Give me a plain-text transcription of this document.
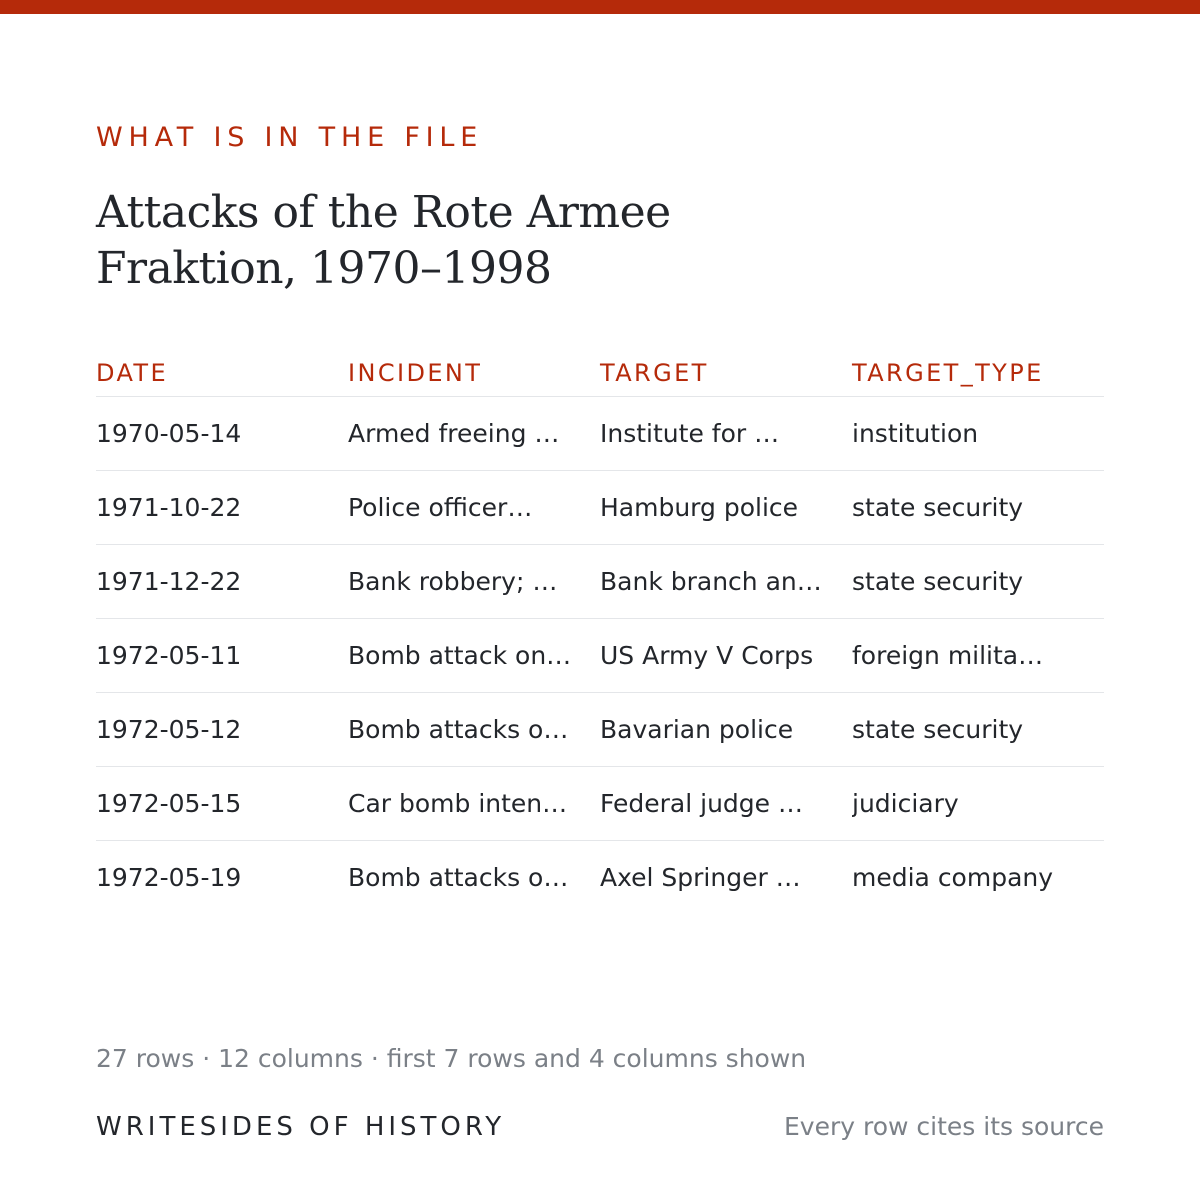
WHAT IS IN THE FILE
Attacks of the Rote Armee Fraktion, 1970–1998
DATE	INCIDENT	TARGET	TARGET_TYPE
1970-05-14	Armed freeing …	Institute for …	institution
1971-10-22	Police officer…	Hamburg police	state security
1971-12-22	Bank robbery; …	Bank branch an…	state security
1972-05-11	Bomb attack on…	US Army V Corps	foreign milita…
1972-05-12	Bomb attacks o…	Bavarian police	state security
1972-05-15	Car bomb inten…	Federal judge …	judiciary
1972-05-19	Bomb attacks o…	Axel Springer …	media company
27 rows · 12 columns · first 7 rows and 4 columns shown
WRITESIDES OF HISTORY	Every row cites its source
